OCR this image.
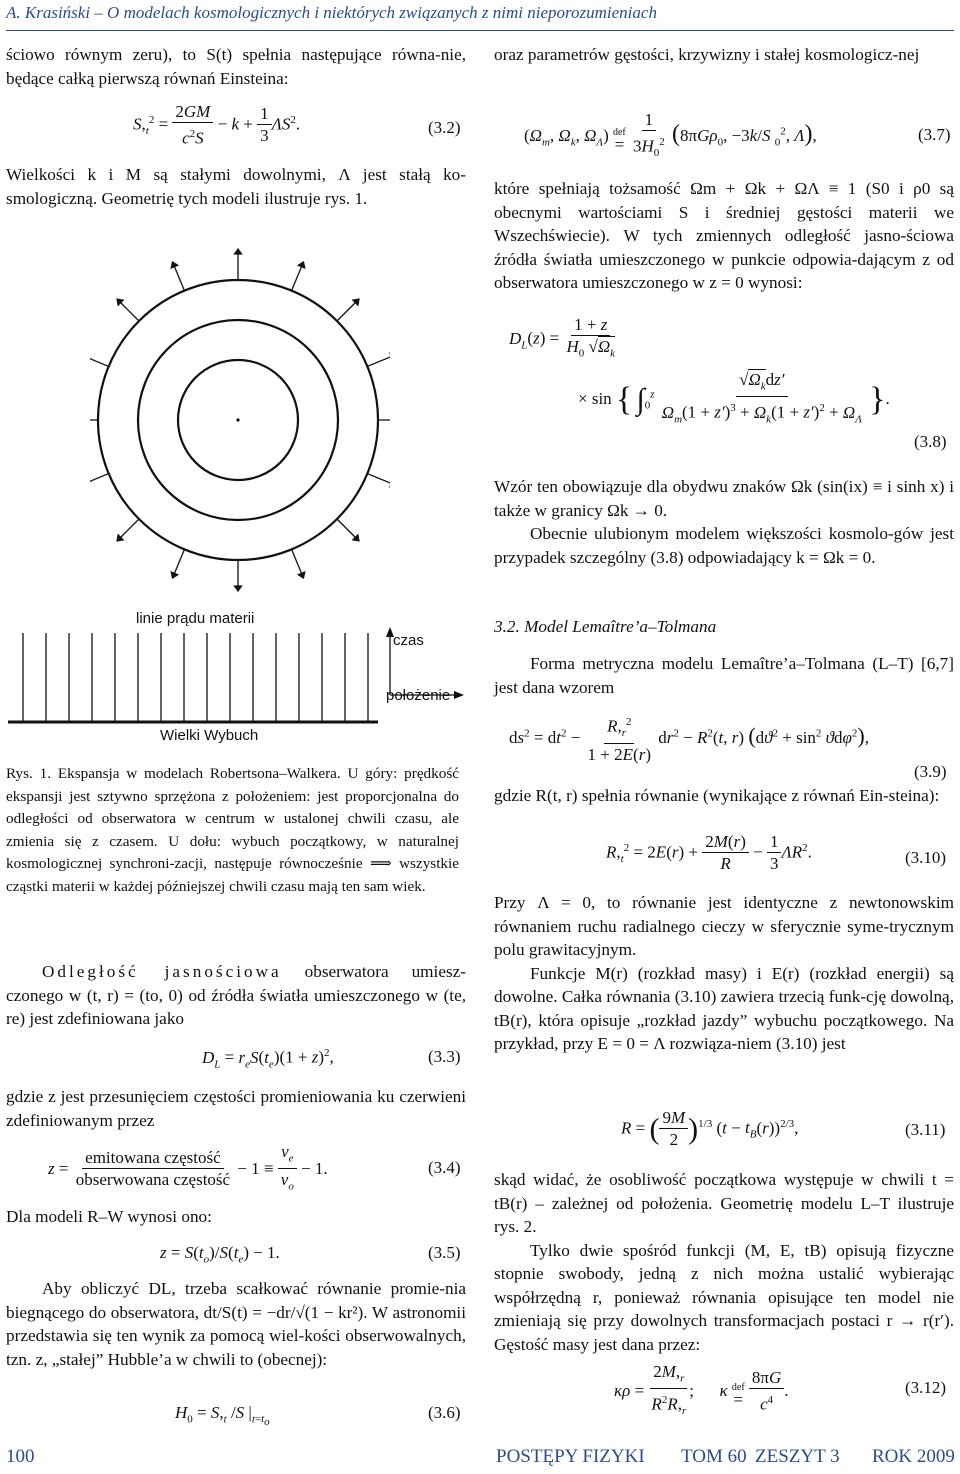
A. Krasiński – O modelach kosmologicznych i niektórych związanych z nimi nieporozumieniach

ściowo równym zeru), to S(t) spełnia następujące równa-nie, będące całką pierwszą równań Einsteina:

$S,_t^2 = \frac{2GM}{c^2S} - k + \frac{1}{3} \Lambda S^2$.	(3.2)

Wielkości k i M są stałymi dowolnymi, Λ jest stałą ko-smologiczną. Geometrię tych modeli ilustruje rys. 1.

linie prądu materii
czas
położenie
Wielki Wybuch

Rys. 1. Ekspansja w modelach Robertsona–Walkera. U góry: prędkość ekspansji jest sztywno sprzężona z położeniem: jest proporcjonalna do odległości od obserwatora w centrum w ustalonej chwili czasu, ale zmienia się z czasem. U dołu: wybuch początkowy, w naturalnej kosmologicznej synchroni-zacji, następuje równocześnie ⟹ wszystkie cząstki materii w każdej późniejszej chwili czasu mają ten sam wiek.

Odległość jasnościowa obserwatora umiesz-czonego w (t, r) = (to, 0) od źródła światła umieszczonego w (te, re) jest zdefiniowana jako

$D_L = r_eS(t_e)(1 + z)^2$,	(3.3)

gdzie z jest przesunięciem częstości promieniowania ku czerwieni zdefiniowanym przez

$z = \frac{\text{emitowana częstość}}{\text{obserwowana częstość}} - 1 \equiv \frac{\nu_e}{\nu_o} - 1$.	(3.4)

Dla modeli R–W wynosi ono:

$z = S(t_o)/S(t_e) - 1$.	(3.5)

Aby obliczyć DL, trzeba scałkować równanie promie-nia biegnącego do obserwatora, dt/S(t) = −dr/√(1 − kr²). W astronomii przedstawia się ten wynik za pomocą wiel-kości obserwowalnych, tzn. z, „stałej” Hubble’a w chwili to (obecnej):

$H_0 = S,_t$ /S $|_{t=t_o}$
(3.6)

oraz parametrów gęstości, krzywizny i stałej kosmologicz-nej

($\Omega_m$, $\Omega_k$, $\Omega_\Lambda$) def
= $\frac{1}{3H_0^2} (8\pi G\rho_0$, −3k/S $_0^2$, Λ),	(3.7)

które spełniają tożsamość Ωm + Ωk + ΩΛ ≡ 1 (S0 i ρ0 są obecnymi wartościami S i średniej gęstości materii we Wszechświecie). W tych zmiennych odległość jasno-ściowa źródła światła umieszczonego w punkcie odpowia-dającym z od obserwatora umieszczonego w z = 0 wynosi:

$D_L(z) = \frac{1 + z}{H_0 √\Omega_k}$
× sin { $\int_0^z \frac{√\Omega_kdz'}{\Omega_m(1 + z')^3 + \Omega_k(1 + z')^2 + \Omega_\Lambda}$ }.
(3.8)

Wzór ten obowiązuje dla obydwu znaków Ωk (sin(ix) ≡ i sinh x) i także w granicy Ωk → 0.

Obecnie ulubionym modelem większości kosmolo-gów jest przypadek szczególny (3.8) odpowiadający k = Ωk = 0.

3.2. Model Lemaître’a–Tolmana

Forma metryczna modelu Lemaître’a–Tolmana (L–T) [6,7] jest dana wzorem

$ds^2 = dt^2 - \frac{R,_r^2}{1 + 2E(r)} dr^2 - R^2(t$, r) $(dϑ^2 + \sin^2 ϑd\varphi^2)$,
(3.9)

gdzie R(t, r) spełnia równanie (wynikające z równań Ein-steina):

$R,_t^2 = 2E(r) + \frac{2M(r)}{R} - \frac{1}{3} \Lambda R^2$.	(3.10)

Przy Λ = 0, to równanie jest identyczne z newtonowskim równaniem ruchu radialnego cieczy w sferycznie syme-trycznym polu grawitacyjnym.

Funkcje M(r) (rozkład masy) i E(r) (rozkład energii) są dowolne. Całka równania (3.10) zawiera trzecią funk-cję dowolną, tB(r), która opisuje „rozkład jazdy” wybuchu początkowego. Na przykład, przy E = 0 = Λ rozwiąza-niem (3.10) jest

R = ( $\frac{9M}{2} )^{1/3}$ $(t - t_B(r))^{2/3}$,	(3.11)

skąd widać, że osobliwość początkowa występuje w chwili t = tB(r) – zależnej od położenia. Geometrię modelu L–T ilustruje rys. 2.

Tylko dwie spośród funkcji (M, E, tB) opisują fizyczne stopnie swobody, jedną z nich można ustalić wybierając współrzędną r, ponieważ równania opisujące ten model nie zmieniają się przy dowolnych transformacjach postaci r → r(r′). Gęstość masy jest dana przez:

$\kappa\rho = \frac{2M,_r}{R^2R,_r}$ ;      κ def
= $\frac{8\pi G}{c^4}$ .	(3.12)
100	POSTĘPY FIZYKI TOM 60 ZESZYT 3 ROK 2009
